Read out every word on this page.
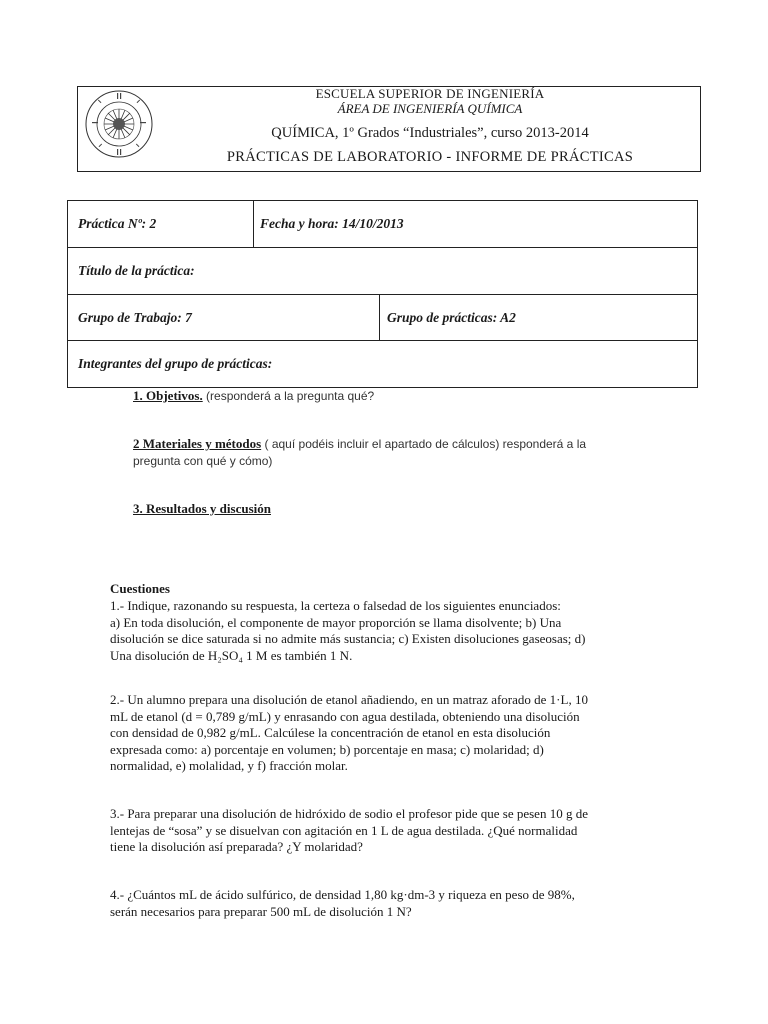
ESCUELA SUPERIOR DE INGENIERÍA
ÁREA DE INGENIERÍA QUÍMICA
QUÍMICA, 1º Grados “Industriales”, curso 2013-2014
PRÁCTICAS DE LABORATORIO - INFORME DE PRÁCTICAS
Práctica Nº: 2	Fecha y hora: 14/10/2013
Título de la práctica:
Grupo de Trabajo: 7	Grupo de prácticas: A2
Integrantes del grupo de prácticas:
1. Objetivos. (responderá a la pregunta qué?
2 Materiales y métodos ( aquí podéis incluir el apartado de cálculos) responderá a la
pregunta con qué y cómo)
3. Resultados y discusión
Cuestiones
1.- Indique, razonando su respuesta, la certeza o falsedad de los siguientes enunciados:
a) En toda disolución, el componente de mayor proporción se llama disolvente; b) Una
disolución se dice saturada si no admite más sustancia; c) Existen disoluciones gaseosas; d)
Una disolución de H₂SO₄ 1 M es también 1 N.
2.- Un alumno prepara una disolución de etanol añadiendo, en un matraz aforado de 1·L, 10
mL de etanol (d = 0,789 g/mL) y enrasando con agua destilada, obteniendo una disolución
con densidad de 0,982 g/mL. Calcúlese la concentración de etanol en esta disolución
expresada como: a) porcentaje en volumen; b) porcentaje en masa; c) molaridad; d)
normalidad, e) molalidad, y f) fracción molar.
3.- Para preparar una disolución de hidróxido de sodio el profesor pide que se pesen 10 g de
lentejas de “sosa” y se disuelvan con agitación en 1 L de agua destilada. ¿Qué normalidad
tiene la disolución así preparada? ¿Y molaridad?
4.- ¿Cuántos mL de ácido sulfúrico, de densidad 1,80 kg·dm-3 y riqueza en peso de 98%,
serán necesarios para preparar 500 mL de disolución 1 N?
